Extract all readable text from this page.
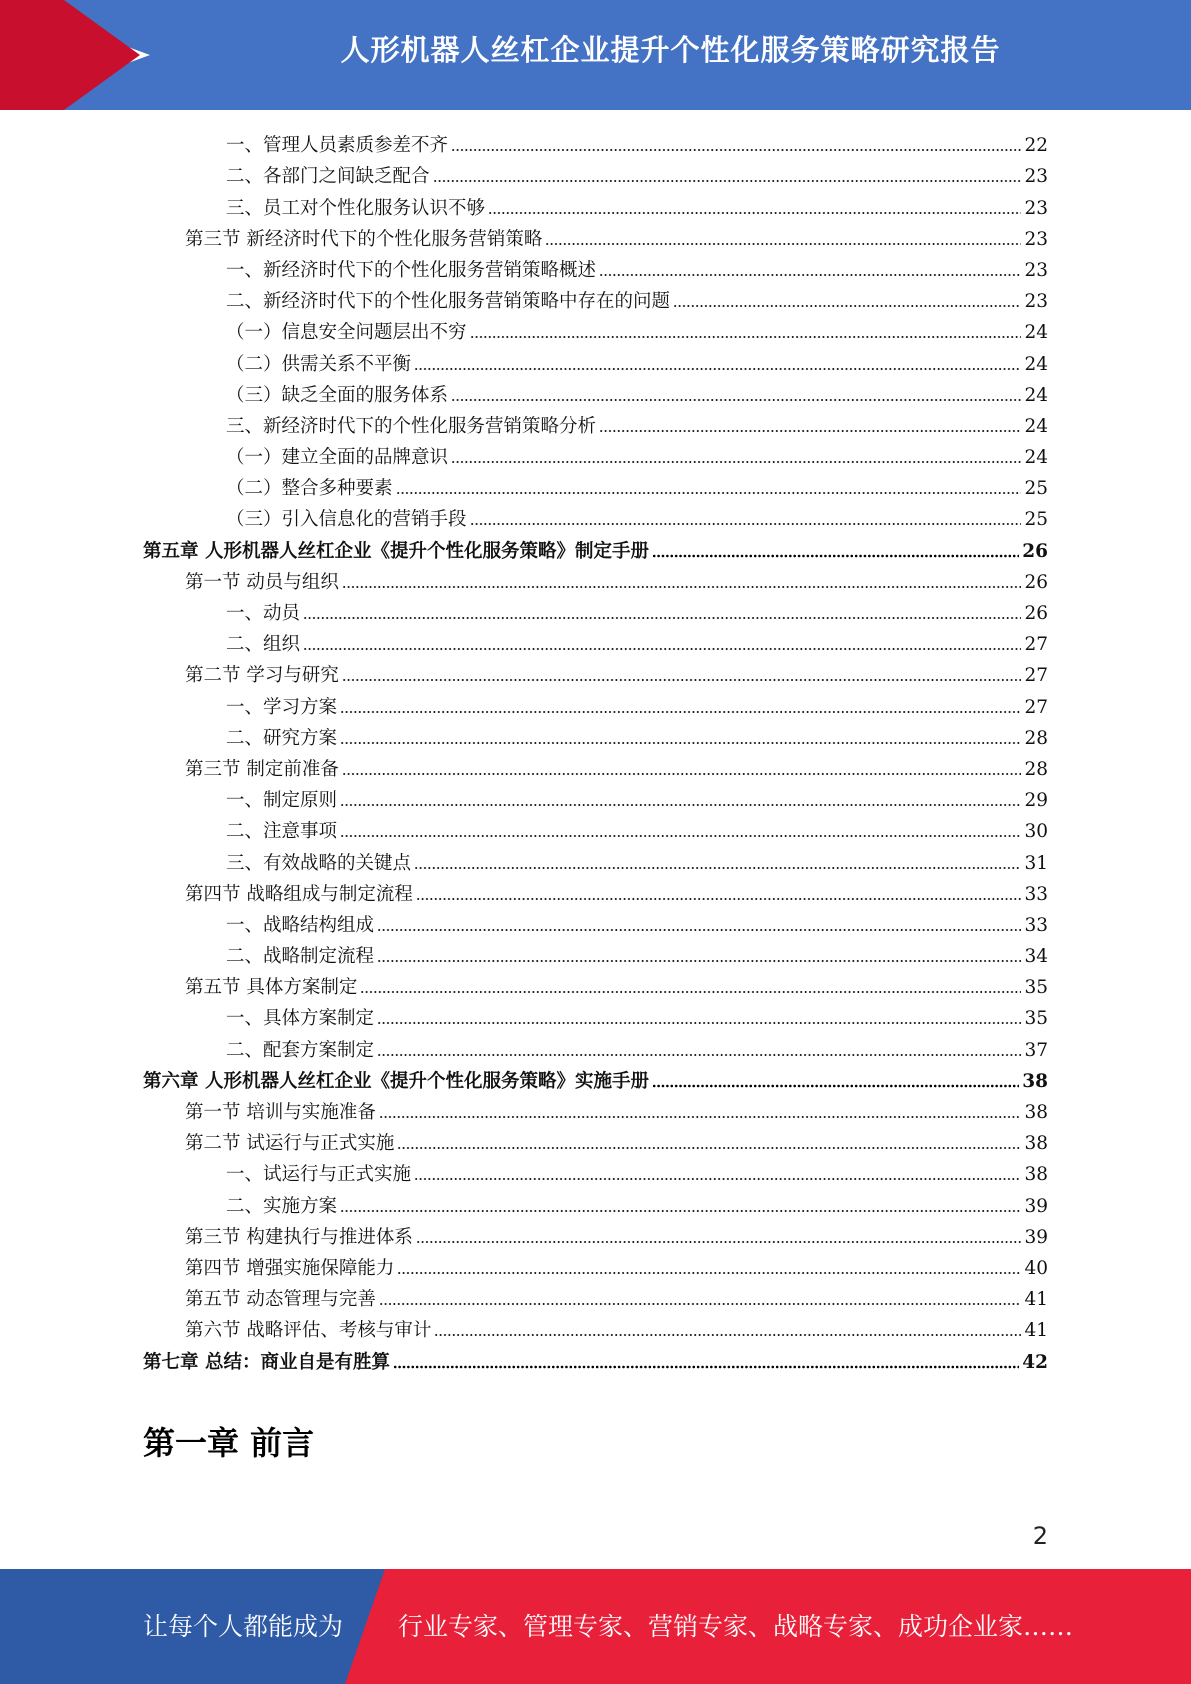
人形机器人丝杠企业提升个性化服务策略研究报告
一、管理人员素质参差不齐	22
二、各部门之间缺乏配合	23
三、员工对个性化服务认识不够	23
第三节 新经济时代下的个性化服务营销策略	23
一、新经济时代下的个性化服务营销策略概述	23
二、新经济时代下的个性化服务营销策略中存在的问题	23
（一）信息安全问题层出不穷	24
（二）供需关系不平衡	24
（三）缺乏全面的服务体系	24
三、新经济时代下的个性化服务营销策略分析	24
（一）建立全面的品牌意识	24
（二）整合多种要素	25
（三）引入信息化的营销手段	25
第五章 人形机器人丝杠企业《提升个性化服务策略》制定手册	26
第一节 动员与组织	26
一、动员	26
二、组织	27
第二节 学习与研究	27
一、学习方案	27
二、研究方案	28
第三节 制定前准备	28
一、制定原则	29
二、注意事项	30
三、有效战略的关键点	31
第四节 战略组成与制定流程	33
一、战略结构组成	33
二、战略制定流程	34
第五节 具体方案制定	35
一、具体方案制定	35
二、配套方案制定	37
第六章 人形机器人丝杠企业《提升个性化服务策略》实施手册	38
第一节 培训与实施准备	38
第二节 试运行与正式实施	38
一、试运行与正式实施	38
二、实施方案	39
第三节 构建执行与推进体系	39
第四节 增强实施保障能力	40
第五节 动态管理与完善	41
第六节 战略评估、考核与审计	41
第七章 总结：商业自是有胜算	42
第一章 前言
2
让每个人都能成为 行业专家、管理专家、营销专家、战略专家、成功企业家……
